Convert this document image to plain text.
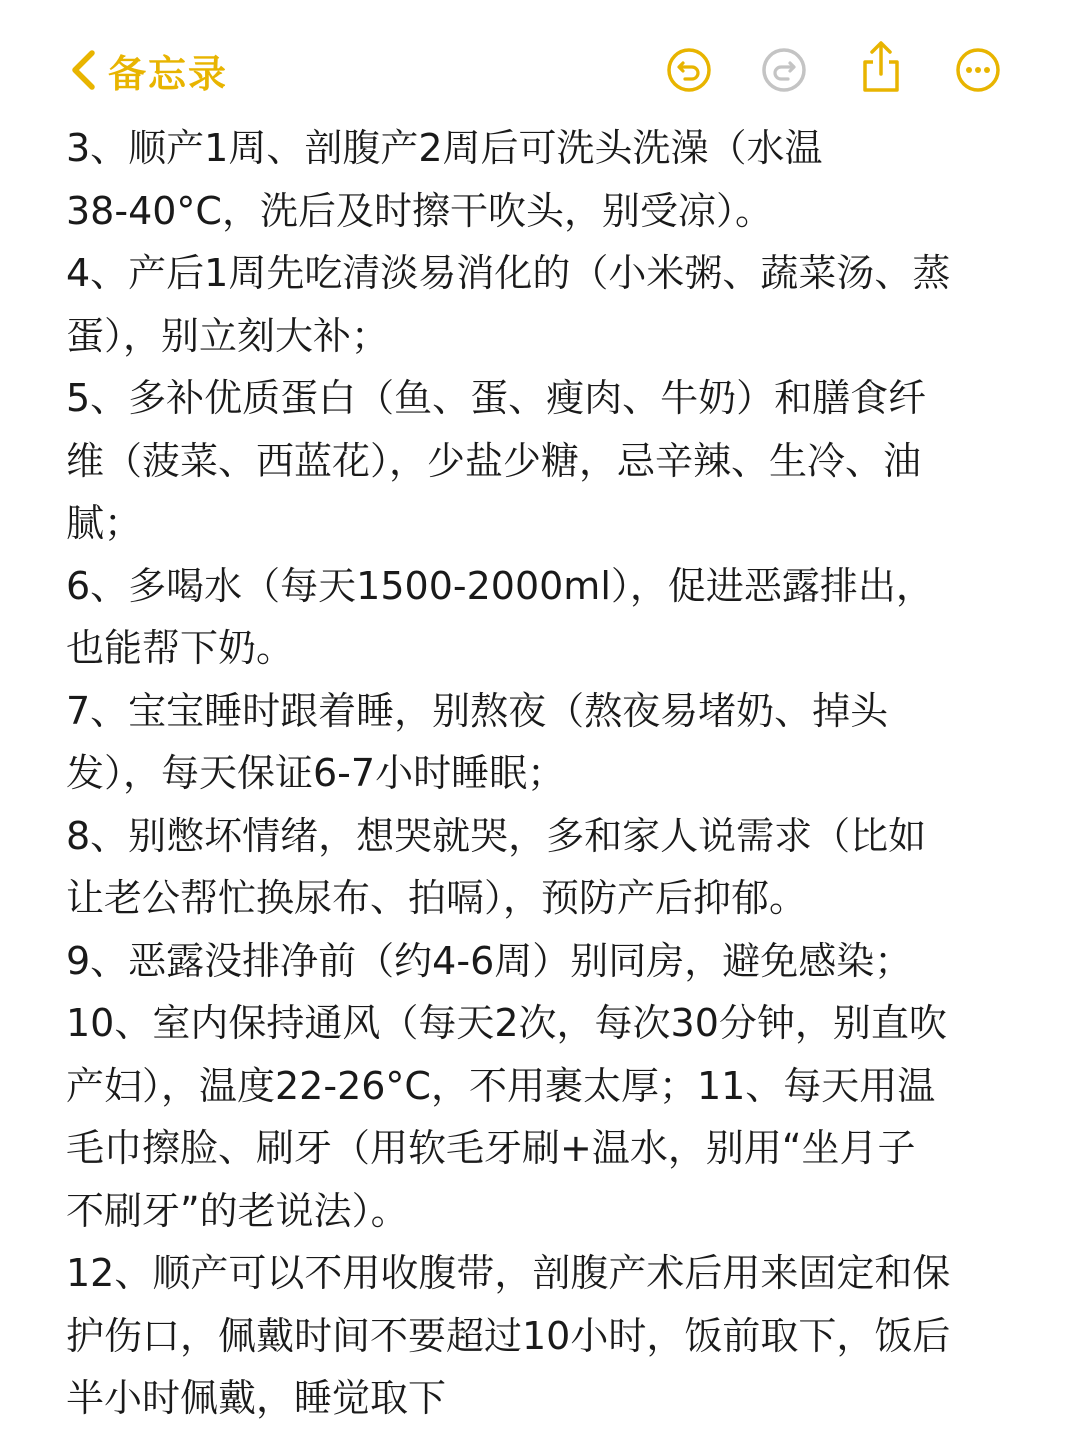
备忘录

3、顺产1周、剖腹产2周后可洗头洗澡（水温
38-40°C，洗后及时擦干吹头，别受凉）。

4、产后1周先吃清淡易消化的（小米粥、蔬菜汤、蒸
蛋），别立刻大补；

5、多补优质蛋白（鱼、蛋、瘦肉、牛奶）和膳食纤
维（菠菜、西蓝花），少盐少糖，忌辛辣、生冷、油
腻；

6、多喝水（每天1500-2000ml），促进恶露排出，
也能帮下奶。

7、宝宝睡时跟着睡，别熬夜（熬夜易堵奶、掉头
发），每天保证6-7小时睡眠；

8、别憋坏情绪，想哭就哭，多和家人说需求（比如
让老公帮忙换尿布、拍嗝），预防产后抑郁。

9、恶露没排净前（约4-6周）别同房，避免感染；

10、室内保持通风（每天2次，每次30分钟，别直吹
产妇），温度22-26°C，不用裹太厚；11、每天用温
毛巾擦脸、刷牙（用软毛牙刷+温水，别用“坐月子
不刷牙”的老说法）。

12、顺产可以不用收腹带，剖腹产术后用来固定和保
护伤口，佩戴时间不要超过10小时，饭前取下，饭后
半小时佩戴，睡觉取下
